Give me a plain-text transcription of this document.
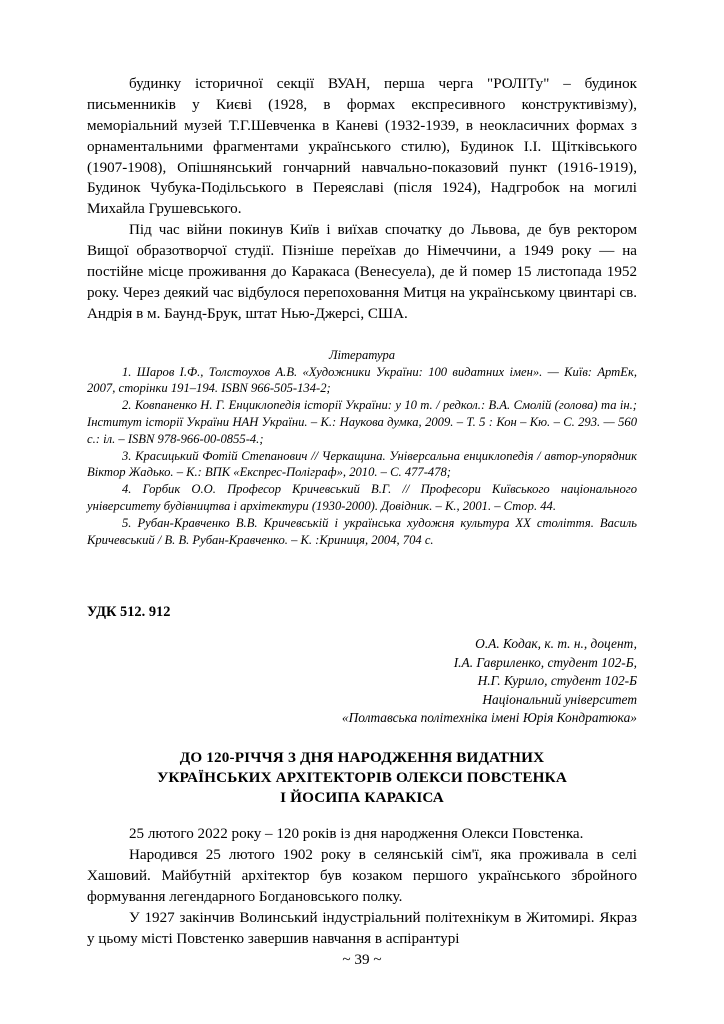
будинку історичної секції ВУАН, перша черга "РОЛІТу" – будинок письменників у Києві (1928, в формах експресивного конструктивізму), меморіальний музей Т.Г.Шевченка в Каневі (1932-1939, в неокласичних формах з орнаментальними фрагментами українського стилю), Будинок І.І. Щітківського (1907-1908), Опішнянський гончарний навчально-показовий пункт (1916-1919), Будинок Чубука-Подільського в Переяславі (після 1924), Надгробок на могилі Михайла Грушевського.

Під час війни покинув Київ і виїхав спочатку до Львова, де був ректором Вищої образотворчої студії. Пізніше переїхав до Німеччини, а 1949 року — на постійне місце проживання до Каракаса (Венесуела), де й помер 15 листопада 1952 року. Через деякий час відбулося перепоховання Митця на українському цвинтарі св. Андрія в м. Баунд-Брук, штат Нью-Джерсі, США.

Література

1. Шаров І.Ф., Толстоухов А.В. «Художники України: 100 видатних імен». — Київ: АртЕк, 2007, сторінки 191–194. ISBN 966-505-134-2;

2. Ковпаненко Н. Г. Енциклопедія історії України: у 10 т. / редкол.: В.А. Смолій (голова) та ін.; Інститут історії України НАН України. – К.: Наукова думка, 2009. – Т. 5 : Кон – Кю. – С. 293. — 560 с.: іл. – ISBN 978-966-00-0855-4.;

3. Красицький Фотій Степанович // Черкащина. Універсальна енциклопедія / автор-упорядник Віктор Жадько. – К.: ВПК «Експрес-Поліграф», 2010. – С. 477-478;

4. Горбик О.О. Професор Кричевський В.Г. // Професори Київського національного університету будівництва і архітектури (1930-2000). Довідник. – К., 2001. – Стор. 44.

5. Рубан-Кравченко В.В. Кричевській і українська художня культура ХХ століття. Василь Кричевський / В. В. Рубан-Кравченко. – К. :Криниця, 2004, 704 с.

УДК 512. 912

О.А. Кодак, к. т. н., доцент,
І.А. Гавриленко, студент 102-Б,
Н.Г. Курило, студент 102-Б
Національний університет
«Полтавська політехніка імені Юрія Кондратюка»
ДО 120-РІЧЧЯ З ДНЯ НАРОДЖЕННЯ ВИДАТНИХ
УКРАЇНСЬКИХ АРХІТЕКТОРІВ ОЛЕКСИ ПОВСТЕНКА
І ЙОСИПА КАРАКІСА

25 лютого 2022 року – 120 років із дня народження Олекси Повстенка.

Народився 25 лютого 1902 року в селянській сім'ї, яка проживала в селі Хашовий. Майбутній архітектор був козаком першого українського збройного формування легендарного Богдановського полку.

У 1927 закінчив Волинський індустріальний політехнікум в Житомирі. Якраз у цьому місті Повстенко завершив навчання в аспірантурі

~ 39 ~
